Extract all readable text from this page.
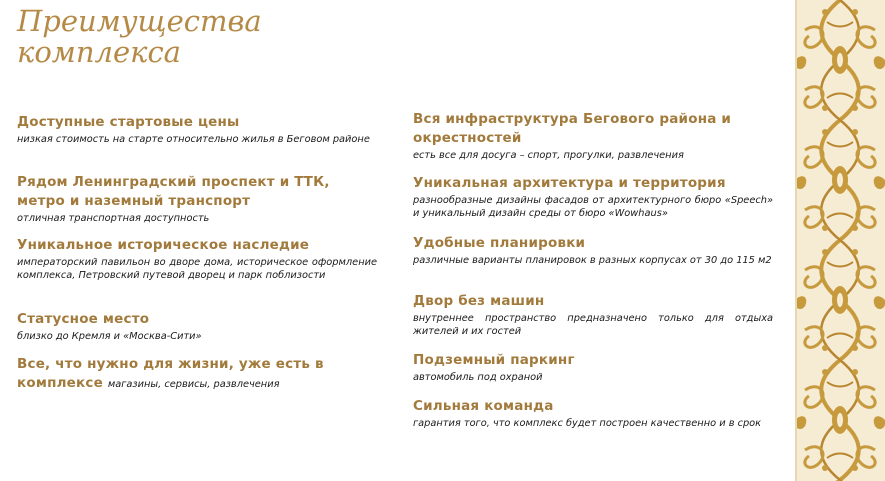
Преимущества
комплекса
Доступные стартовые цены

низкая стоимость на старте относительно жилья в Беговом районе

Рядом Ленинградский проспект и ТТК, метро и наземный транспорт

отличная транспортная доступность

Уникальное историческое наследие

императорский павильон во дворе дома, историческое оформление комплекса, Петровский путевой дворец и парк поблизости

Статусное место

близко до Кремля и «Москва-Сити»

Все, что нужно для жизни, уже есть в комплексе магазины, сервисы, развлечения
Вся инфраструктура Бегового района и окрестностей

есть все для досуга – спорт, прогулки, развлечения

Уникальная архитектура и территория

разнообразные дизайны фасадов от архитектурного бюро «Speech» и уникальный дизайн среды от бюро «Wowhaus»

Удобные планировки

различные варианты планировок в разных корпусах от 30 до 115 м2

Двор без машин

внутреннее пространство предназначено только для отдыха жителей и их гостей

Подземный паркинг

автомобиль под охраной

Сильная команда

гарантия того, что комплекс будет построен качественно и в срок
